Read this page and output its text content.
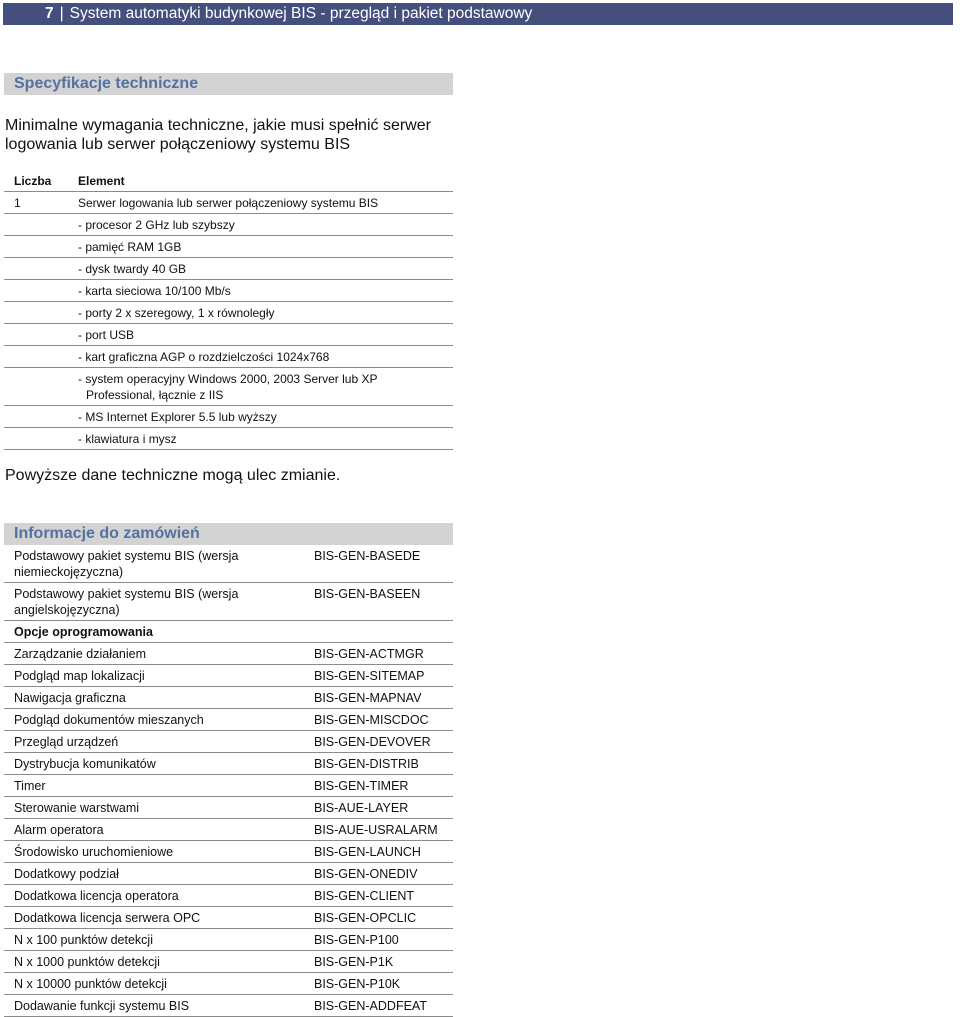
7 | System automatyki budynkowej BIS - przegląd i pakiet podstawowy
Specyfikacje techniczne
Minimalne wymagania techniczne, jakie musi spełnić serwer
logowania lub serwer połączeniowy systemu BIS
Liczba	Element
1	Serwer logowania lub serwer połączeniowy systemu BIS
- procesor 2 GHz lub szybszy
- pamięć RAM 1GB
- dysk twardy 40 GB
- karta sieciowa 10/100 Mb/s
- porty 2 x szeregowy, 1 x równoległy
- port USB
- kart graficzna AGP o rozdzielczości 1024x768
- system operacyjny Windows 2000, 2003 Server lub XP
Professional, łącznie z IIS
- MS Internet Explorer 5.5 lub wyższy
- klawiatura i mysz
Powyższe dane techniczne mogą ulec zmianie.
Informacje do zamówień
Podstawowy pakiet systemu BIS (wersja
niemieckojęzyczna)
BIS-GEN-BASEDE
Podstawowy pakiet systemu BIS (wersja
angielskojęzyczna)
BIS-GEN-BASEEN
Opcje oprogramowania
Zarządzanie działaniem	BIS-GEN-ACTMGR
Podgląd map lokalizacji	BIS-GEN-SITEMAP
Nawigacja graficzna	BIS-GEN-MAPNAV
Podgląd dokumentów mieszanych	BIS-GEN-MISCDOC
Przegląd urządzeń	BIS-GEN-DEVOVER
Dystrybucja komunikatów	BIS-GEN-DISTRIB
Timer	BIS-GEN-TIMER
Sterowanie warstwami	BIS-AUE-LAYER
Alarm operatora	BIS-AUE-USRALARM
Środowisko uruchomieniowe	BIS-GEN-LAUNCH
Dodatkowy podział	BIS-GEN-ONEDIV
Dodatkowa licencja operatora	BIS-GEN-CLIENT
Dodatkowa licencja serwera OPC	BIS-GEN-OPCLIC
N x 100 punktów detekcji	BIS-GEN-P100
N x 1000 punktów detekcji	BIS-GEN-P1K
N x 10000 punktów detekcji	BIS-GEN-P10K
Dodawanie funkcji systemu BIS	BIS-GEN-ADDFEAT
